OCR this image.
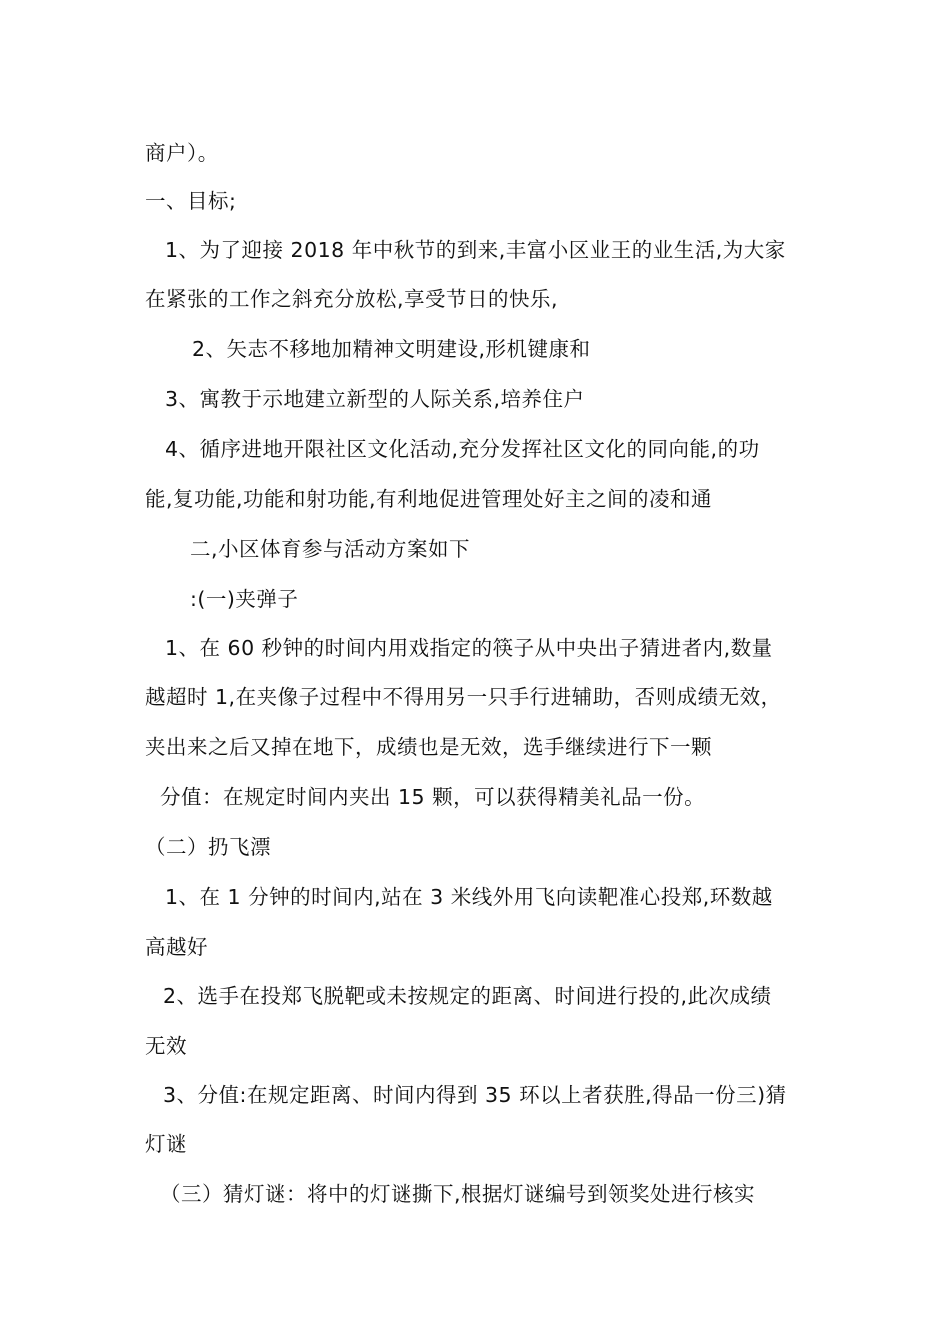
商户）。
一、目标;
1、为了迎接 2018 年中秋节的到来,丰富小区业王的业生活,为大家
在紧张的工作之斜充分放松,享受节日的快乐,
2、矢志不移地加精神文明建设,形机键康和
3、寓教于示地建立新型的人际关系,培养住户
4、循序进地开限社区文化活动,充分发挥社区文化的同向能,的功
能,复功能,功能和射功能,有利地促进管理处好主之间的凌和通
二,小区体育参与活动方案如下
:(一)夹弹子
1、在 60 秒钟的时间内用戏指定的筷子从中央出子猜进者内,数量
越超时 1,在夹像子过程中不得用另一只手行进辅助，否则成绩无效，
夹出来之后又掉在地下，成绩也是无效，选手继续进行下一颗
分值：在规定时间内夹出 15 颗，可以获得精美礼品一份。
（二）扔飞漂
1、在 1 分钟的时间内,站在 3 米线外用飞向读靶准心投郑,环数越
高越好
2、选手在投郑飞脱靶或未按规定的距离、时间进行投的,此次成绩
无效
3、分值:在规定距离、时间内得到 35 环以上者获胜,得品一份三)猜
灯谜
（三）猜灯谜：将中的灯谜撕下,根据灯谜编号到领奖处进行核实
